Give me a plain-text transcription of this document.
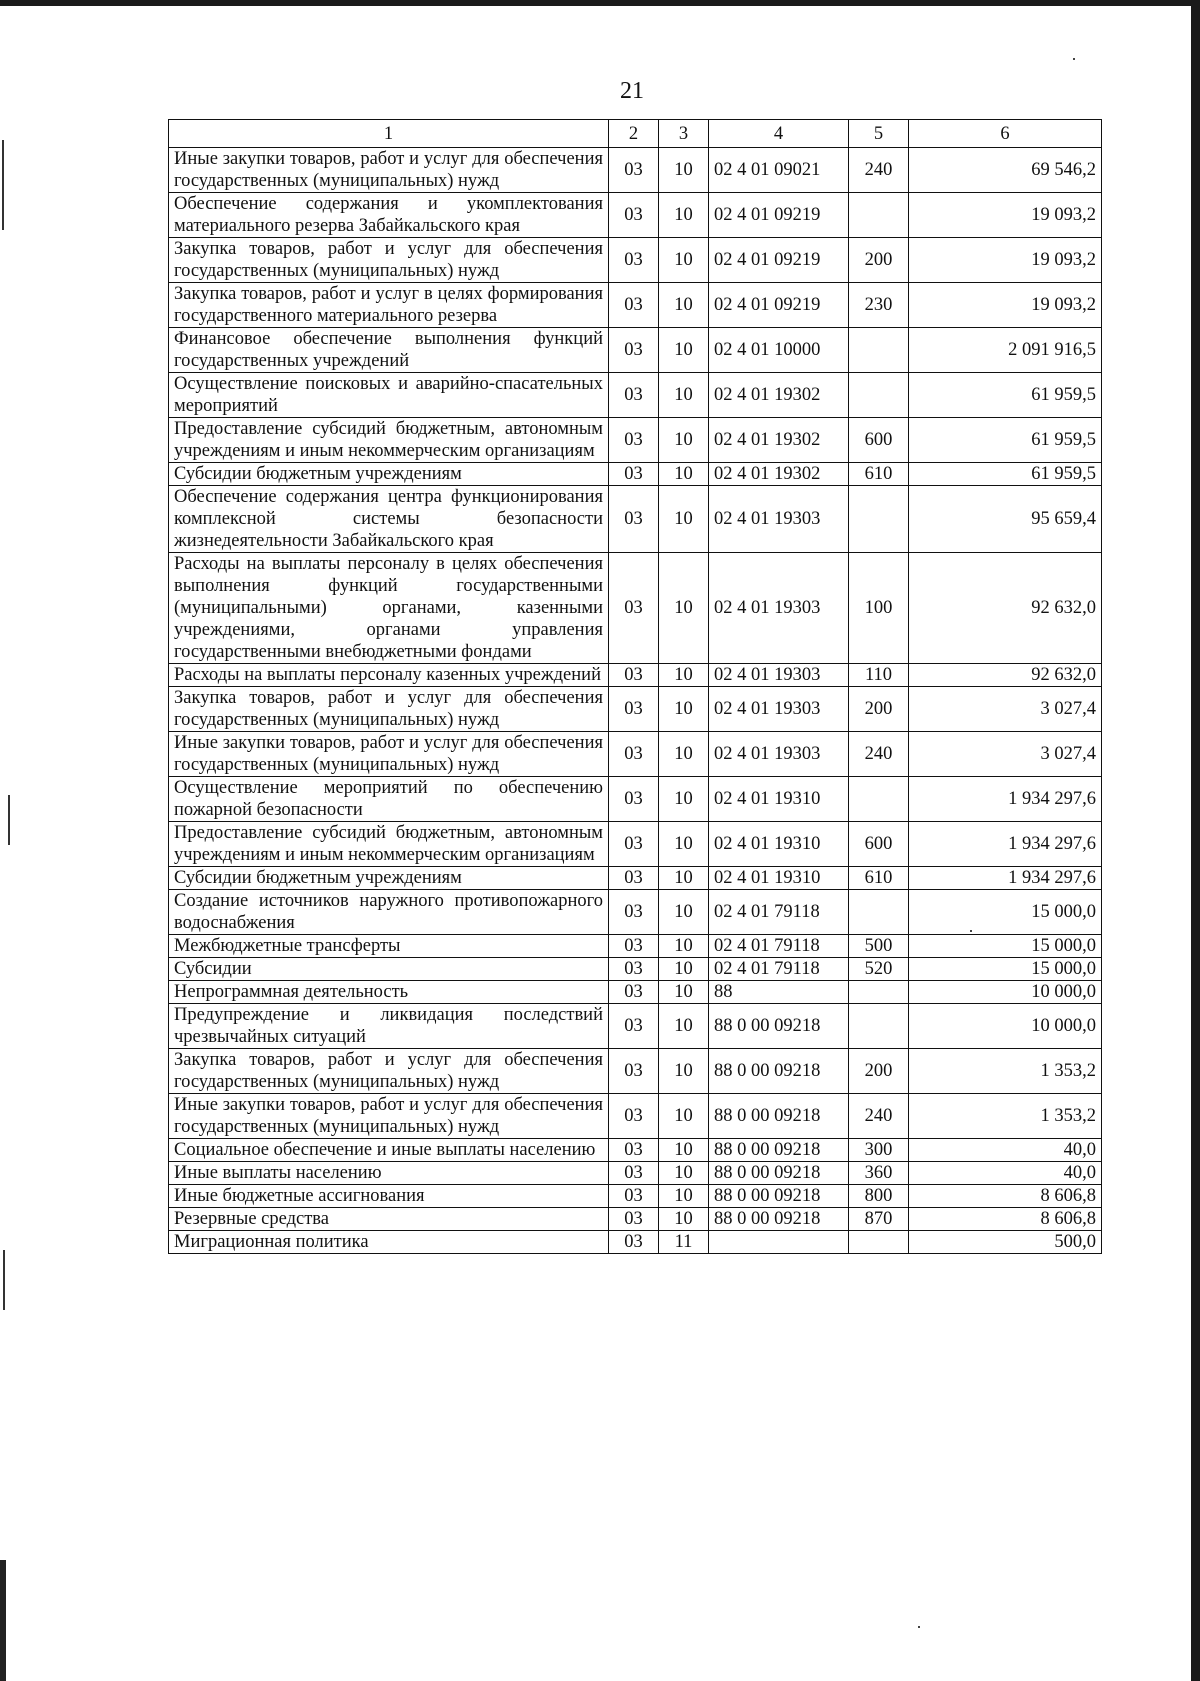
21
1	2	3	4	5	6
Иные закупки товаров, работ и услуг для обеспечения государственных (муниципальных) нужд	03	10	02 4 01 09021	240	69 546,2
Обеспечение содержания и укомплектования материального резерва Забайкальского края	03	10	02 4 01 09219		19 093,2
Закупка товаров, работ и услуг для обеспечения государственных (муниципальных) нужд	03	10	02 4 01 09219	200	19 093,2
Закупка товаров, работ и услуг в целях формирования государственного материального резерва	03	10	02 4 01 09219	230	19 093,2
Финансовое обеспечение выполнения функций государственных учреждений	03	10	02 4 01 10000		2 091 916,5
Осуществление поисковых и аварийно-спасательных мероприятий	03	10	02 4 01 19302		61 959,5
Предоставление субсидий бюджетным, автономным учреждениям и иным некоммерческим организациям	03	10	02 4 01 19302	600	61 959,5
Субсидии бюджетным учреждениям	03	10	02 4 01 19302	610	61 959,5
Обеспечение содержания центра функционирования комплексной системы безопасности жизнедеятельности Забайкальского края	03	10	02 4 01 19303		95 659,4
Расходы на выплаты персоналу в целях обеспечения выполнения функций государственными (муниципальными) органами, казенными учреждениями, органами управления государственными внебюджетными фондами	03	10	02 4 01 19303	100	92 632,0
Расходы на выплаты персоналу казенных учреждений	03	10	02 4 01 19303	110	92 632,0
Закупка товаров, работ и услуг для обеспечения государственных (муниципальных) нужд	03	10	02 4 01 19303	200	3 027,4
Иные закупки товаров, работ и услуг для обеспечения государственных (муниципальных) нужд	03	10	02 4 01 19303	240	3 027,4
Осуществление мероприятий по обеспечению пожарной безопасности	03	10	02 4 01 19310		1 934 297,6
Предоставление субсидий бюджетным, автономным учреждениям и иным некоммерческим организациям	03	10	02 4 01 19310	600	1 934 297,6
Субсидии бюджетным учреждениям	03	10	02 4 01 19310	610	1 934 297,6
Создание источников наружного противопожарного водоснабжения	03	10	02 4 01 79118		15 000,0
Межбюджетные трансферты	03	10	02 4 01 79118	500	15 000,0
Субсидии	03	10	02 4 01 79118	520	15 000,0
Непрограммная деятельность	03	10	88		10 000,0
Предупреждение и ликвидация последствий чрезвычайных ситуаций	03	10	88 0 00 09218		10 000,0
Закупка товаров, работ и услуг для обеспечения государственных (муниципальных) нужд	03	10	88 0 00 09218	200	1 353,2
Иные закупки товаров, работ и услуг для обеспечения государственных (муниципальных) нужд	03	10	88 0 00 09218	240	1 353,2
Социальное обеспечение и иные выплаты населению	03	10	88 0 00 09218	300	40,0
Иные выплаты населению	03	10	88 0 00 09218	360	40,0
Иные бюджетные ассигнования	03	10	88 0 00 09218	800	8 606,8
Резервные средства	03	10	88 0 00 09218	870	8 606,8
Миграционная политика	03	11			500,0
